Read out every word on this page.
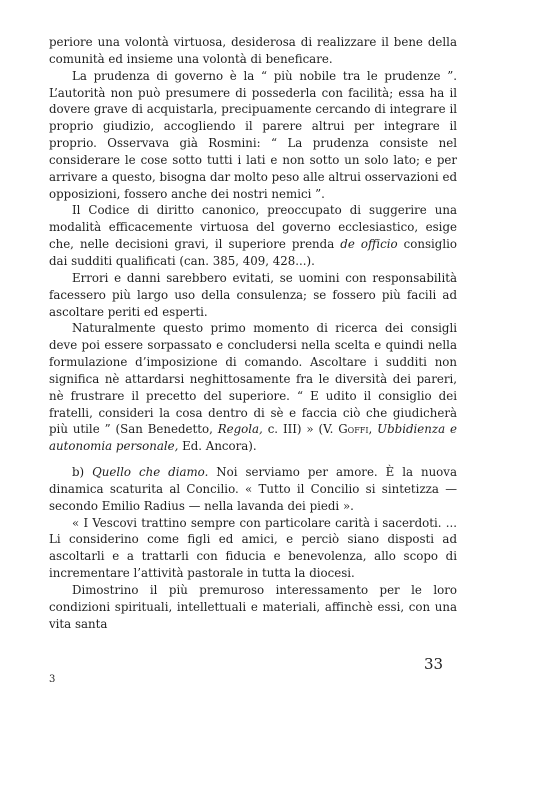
periore una volontà virtuosa, desiderosa di realizzare il bene della comunità ed insieme una volontà di beneficare.

La prudenza di governo è la “ più nobile tra le prudenze ”. L’autorità non può presumere di possederla con facilità; essa ha il dovere grave di acquistarla, precipuamente cercando di integrare il proprio giudizio, accogliendo il parere altrui per integrare il proprio. Osservava già Rosmini: “ La prudenza consiste nel considerare le cose sotto tutti i lati e non sotto un solo lato; e per arrivare a questo, bisogna dar molto peso alle altrui osservazioni ed opposizioni, fossero anche dei nostri nemici ”.

Il Codice di diritto canonico, preoccupato di suggerire una modalità efficacemente virtuosa del governo ecclesiastico, esige che, nelle decisioni gravi, il superiore prenda de officio consiglio dai sudditi qualificati (can. 385, 409, 428...).

Errori e danni sarebbero evitati, se uomini con responsabilità facessero più largo uso della consulenza; se fossero più facili ad ascoltare periti ed esperti.

Naturalmente questo primo momento di ricerca dei consigli deve poi essere sorpassato e concludersi nella scelta e quindi nella formulazione d’imposizione di comando. Ascoltare i sudditi non significa nè attardarsi neghittosamente fra le diversità dei pareri, nè frustrare il precetto del superiore. “ E udito il consiglio dei fratelli, consideri la cosa dentro di sè e faccia ciò che giudicherà più utile ” (San Benedetto, Regola, c. III) » (V. Goffi, Ubbidienza e autonomia personale, Ed. Ancora).

b) Quello che diamo. Noi serviamo per amore. È la nuova dinamica scaturita al Concilio. « Tutto il Concilio si sintetizza — secondo Emilio Radius — nella lavanda dei piedi ».

« I Vescovi trattino sempre con particolare carità i sacerdoti. ... Li considerino come figli ed amici, e perciò siano disposti ad ascoltarli e a trattarli con fiducia e benevolenza, allo scopo di incrementare l’attività pastorale in tutta la diocesi.

Dimostrino il più premuroso interessamento per le loro condizioni spirituali, intellettuali e materiali, affinchè essi, con una vita santa

33
3
